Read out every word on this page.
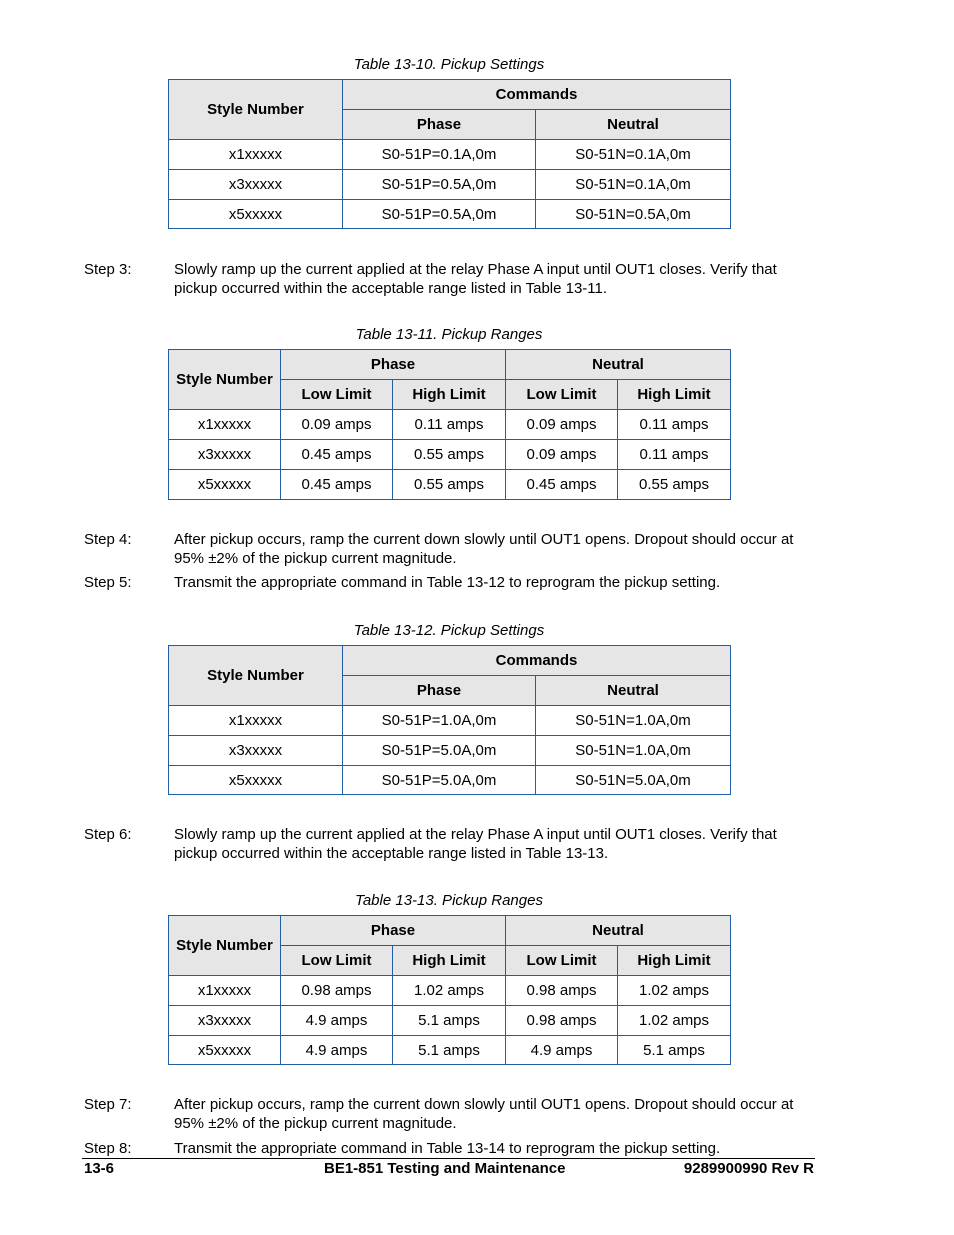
Table 13-10. Pickup Settings
Style Number	Commands	
	Phase	Neutral
x1xxxxx	S0-51P=0.1A,0m	S0-51N=0.1A,0m
x3xxxxx	S0-51P=0.5A,0m	S0-51N=0.1A,0m
x5xxxxx	S0-51P=0.5A,0m	S0-51N=0.5A,0m
Step 3:	Slowly ramp up the current applied at the relay Phase A input until OUT1 closes. Verify that pickup occurred within the acceptable range listed in Table 13-11.
Table 13-11. Pickup Ranges
Style Number	Phase		Neutral	
	Low Limit	High Limit	Low Limit	High Limit
x1xxxxx	0.09 amps	0.11 amps	0.09 amps	0.11 amps
x3xxxxx	0.45 amps	0.55 amps	0.09 amps	0.11 amps
x5xxxxx	0.45 amps	0.55 amps	0.45 amps	0.55 amps
Step 4:	After pickup occurs, ramp the current down slowly until OUT1 opens. Dropout should occur at 95% ±2% of the pickup current magnitude.
Step 5:	Transmit the appropriate command in Table 13-12 to reprogram the pickup setting.
Table 13-12. Pickup Settings
Style Number	Commands	
	Phase	Neutral
x1xxxxx	S0-51P=1.0A,0m	S0-51N=1.0A,0m
x3xxxxx	S0-51P=5.0A,0m	S0-51N=1.0A,0m
x5xxxxx	S0-51P=5.0A,0m	S0-51N=5.0A,0m
Step 6:	Slowly ramp up the current applied at the relay Phase A input until OUT1 closes. Verify that pickup occurred within the acceptable range listed in Table 13-13.
Table 13-13. Pickup Ranges
Style Number	Phase		Neutral	
	Low Limit	High Limit	Low Limit	High Limit
x1xxxxx	0.98 amps	1.02 amps	0.98 amps	1.02 amps
x3xxxxx	4.9 amps	5.1 amps	0.98 amps	1.02 amps
x5xxxxx	4.9 amps	5.1 amps	4.9 amps	5.1 amps
Step 7:	After pickup occurs, ramp the current down slowly until OUT1 opens. Dropout should occur at 95% ±2% of the pickup current magnitude.
Step 8:	Transmit the appropriate command in Table 13-14 to reprogram the pickup setting.
13-6	BE1-851 Testing and Maintenance	9289900990 Rev R
